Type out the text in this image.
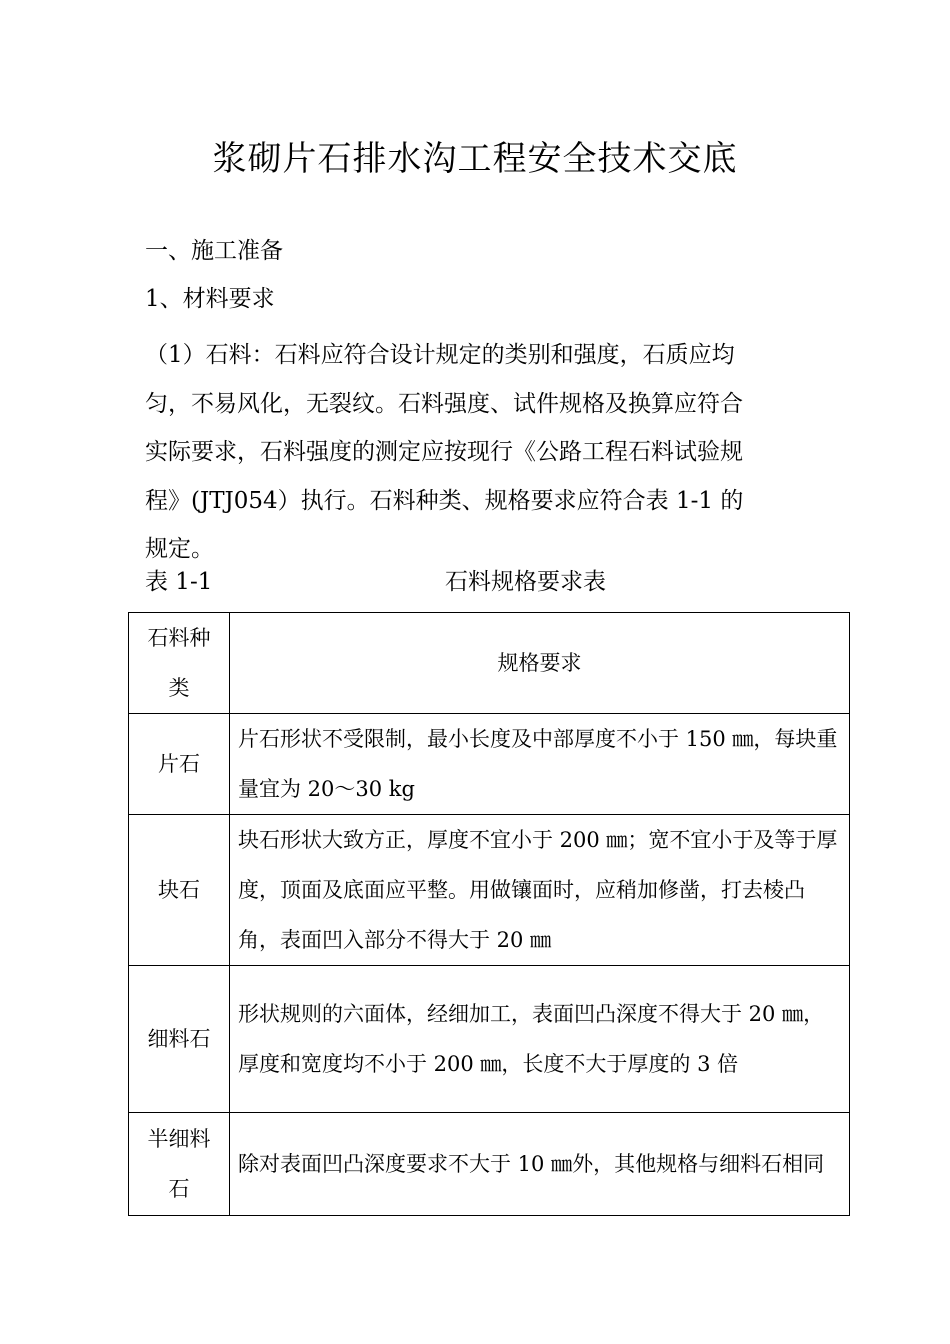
浆砌片石排水沟工程安全技术交底
一、施工准备
1、材料要求
（1）石料：石料应符合设计规定的类别和强度，石质应均
匀，不易风化，无裂纹。石料强度、试件规格及换算应符合
实际要求，石料强度的测定应按现行《公路工程石料试验规
程》(JTJ054）执行。石料种类、规格要求应符合表 1-1 的
规定。
表 1-1	石料规格要求表
石料种类	规格要求
片石	片石形状不受限制，最小长度及中部厚度不小于 150 ㎜，每块重量宜为 20～30 kg
块石	块石形状大致方正，厚度不宜小于 200 ㎜；宽不宜小于及等于厚度，顶面及底面应平整。用做镶面时，应稍加修凿，打去棱凸角，表面凹入部分不得大于 20 ㎜
细料石	形状规则的六面体，经细加工，表面凹凸深度不得大于 20 ㎜，厚度和宽度均不小于 200 ㎜，长度不大于厚度的 3 倍
半细料石	除对表面凹凸深度要求不大于 10 ㎜外，其他规格与细料石相同
